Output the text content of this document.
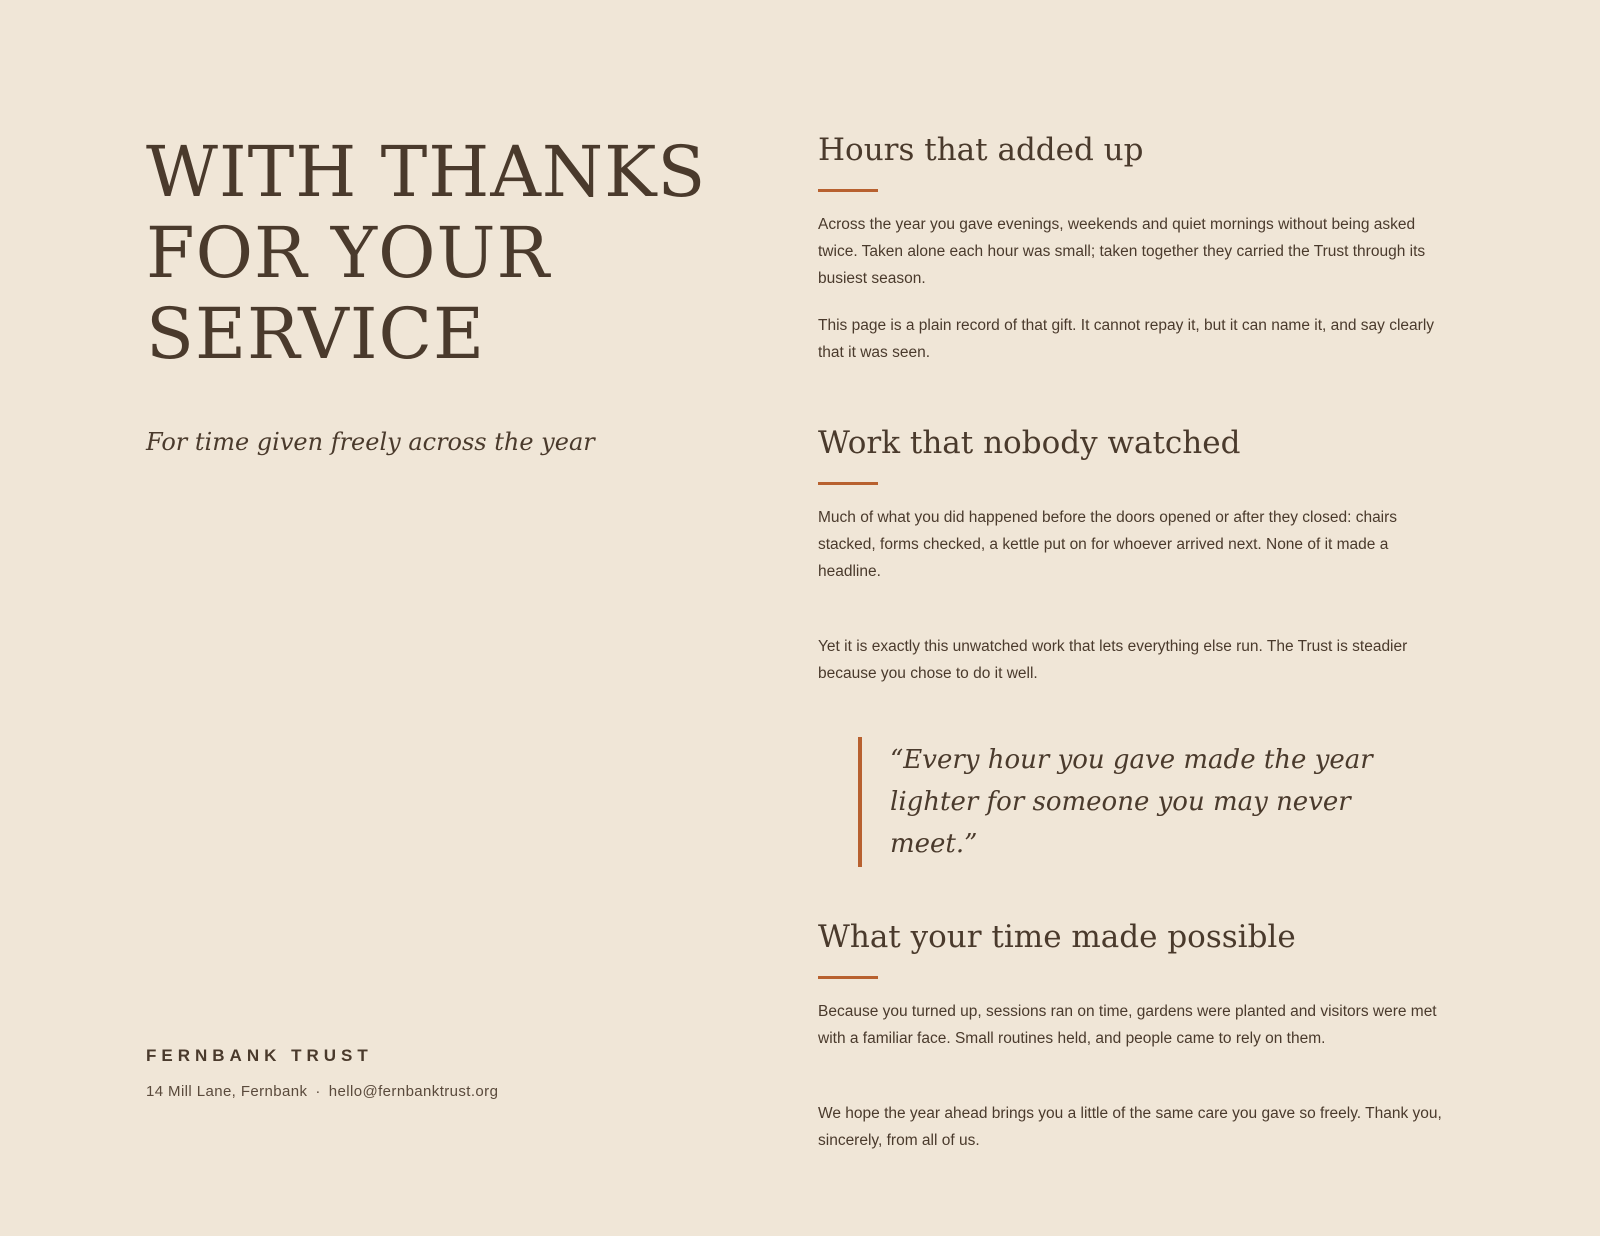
WITH THANKS
FOR YOUR
SERVICE

For time given freely across the year

FERNBANK TRUST

14 Mill Lane, Fernbank · hello@fernbanktrust.org

Hours that added up

Across the year you gave evenings, weekends and quiet mornings without being asked twice. Taken alone each hour was small; taken together they carried the Trust through its busiest season.

This page is a plain record of that gift. It cannot repay it, but it can name it, and say clearly that it was seen.

Work that nobody watched

Much of what you did happened before the doors opened or after they closed: chairs stacked, forms checked, a kettle put on for whoever arrived next. None of it made a headline.

Yet it is exactly this unwatched work that lets everything else run. The Trust is steadier because you chose to do it well.

“Every hour you gave made the year lighter for someone you may never meet.”
What your time made possible

Because you turned up, sessions ran on time, gardens were planted and visitors were met with a familiar face. Small routines held, and people came to rely on them.

We hope the year ahead brings you a little of the same care you gave so freely. Thank you, sincerely, from all of us.
